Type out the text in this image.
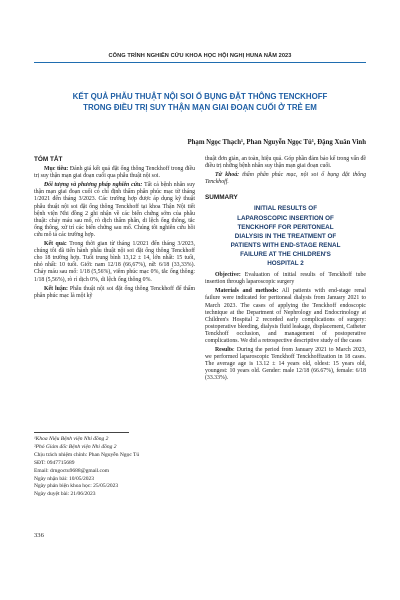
CÔNG TRÌNH NGHIÊN CỨU KHOA HỌC HỘI NGHỊ HUNA NĂM 2023
KẾT QUẢ PHẪU THUẬT NỘI SOI Ổ BỤNG ĐẶT THÔNG TENCKHOFF
TRONG ĐIỀU TRỊ SUY THẬN MẠN GIAI ĐOẠN CUỐI Ở TRẺ EM
Phạm Ngọc Thạch¹, Phan Nguyễn Ngọc Tú¹, Đặng Xuân Vinh
TÓM TẮT

Mục tiêu: Đánh giá kết quả đặt ống thông Tenckhoff trong điều trị suy thận mạn giai đoạn cuối qua phẫu thuật nội soi.

Đối tượng và phương pháp nghiên cứu: Tất cả bệnh nhân suy thận mạn giai đoạn cuối có chỉ định thẩm phân phúc mạc từ tháng 1/2021 đến tháng 3/2023. Các trường hợp được áp dụng kỹ thuật phẫu thuật nội soi đặt ống thông Tenckhoff tại khoa Thận Nội tiết bệnh viện Nhi đồng 2 ghi nhận về các biến chứng sớm của phẫu thuật: chảy máu sau mổ, rò dịch thẩm phân, di lệch ống thông, tắc ống thông, xử trí các biến chứng sau mổ. Chúng tôi nghiên cứu hồi cứu mô tả các trường hợp.

Kết quả: Trong thời gian từ tháng 1/2021 đến tháng 3/2023, chúng tôi đã tiến hành phẫu thuật nội soi đặt ống thông Tenckhoff cho 18 trường hợp. Tuổi trung bình 13,12 ± 14, lớn nhất: 15 tuổi, nhỏ nhất: 10 tuổi. Giới: nam 12/18 (66,67%), nữ: 6/18 (33,33%). Chảy máu sau mổ: 1/18 (5,56%), viêm phúc mạc 0%, tắc ống thông: 1/18 (5,56%), rò rỉ dịch 0%, di lệch ống thông 0%.

Kết luận: Phẫu thuật nội soi đặt ống thông Tenckhoff để thẩm phân phúc mạc là một kỹ

thuật đơn giản, an toàn, hiệu quả. Góp phần đảm bảo kế trong vấn đề điều trị những bệnh nhân suy thận mạn giai đoạn cuối.

Từ khoá: thẩm phân phúc mạc, nội soi ổ bụng đặt thông Tenckhoff.

SUMMARY
INITIAL RESULTS OF
LAPAROSCOPIC INSERTION OF
TENCKHOFF FOR PERITONEAL
DIALYSIS IN THE TREATMENT OF
PATIENTS WITH END-STAGE RENAL
FAILURE AT THE CHILDREN'S
HOSPITAL 2

Objective: Evaluation of initial results of Tenckhoff tube insertion through laparoscopic surgery

Materials and methods: All patients with end-stage renal failure were indicated for peritoneal dialysis from January 2021 to March 2023. The cases of applying the Tenckhoff endoscopic technique at the Department of Nephrology and Endocrinology at Children's Hospital 2 recorded early complications of surgery: postoperative bleeding, dialysis fluid leakage, displacement, Catheter Tenckhoff occlusion, and management of postoperative complications. We did a retrospective descriptive study of the cases

Results: During the period from January 2021 to March 2023, we performed laparoscopic Tenckhoff Tenckhoffization in 18 cases. The average age is 13.12 ± 14 years old, oldest: 15 years old, youngest: 10 years old. Gender: male 12/18 (66.67%), female: 6/18 (33.33%).

¹Khoa Niệu Bệnh viện Nhi đồng 2
²Phó Giám đốc Bệnh viện Nhi đồng 2
Chịu trách nhiệm chính: Phan Nguyễn Ngọc Tú
SĐT: 0947715689
Email: drngoctu9688@gmail.com
Ngày nhận bài: 10/05/2023
Ngày phản biện khoa học: 25/05/2023
Ngày duyệt bài: 21/06/2023
336
